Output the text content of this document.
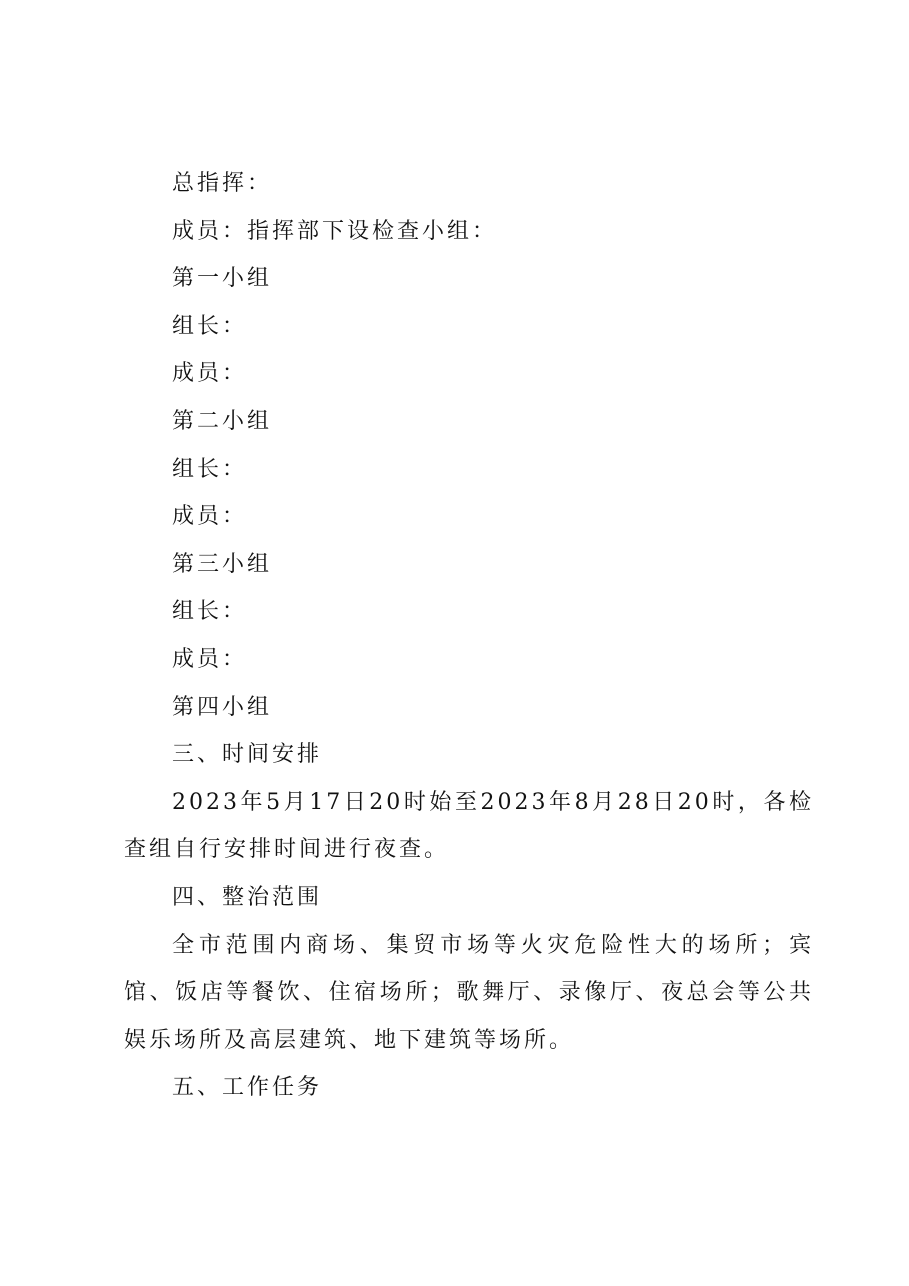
总指挥：
成员：指挥部下设检查小组：
第一小组
组长：
成员：
第二小组
组长：
成员：
第三小组
组长：
成员：
第四小组
三、时间安排

2023年5月17日20时始至2023年8月28日20时，各检查组自行安排时间进行夜查。

四、整治范围

全市范围内商场、集贸市场等火灾危险性大的场所；宾馆、饭店等餐饮、住宿场所；歌舞厅、录像厅、夜总会等公共娱乐场所及高层建筑、地下建筑等场所。

五、工作任务
